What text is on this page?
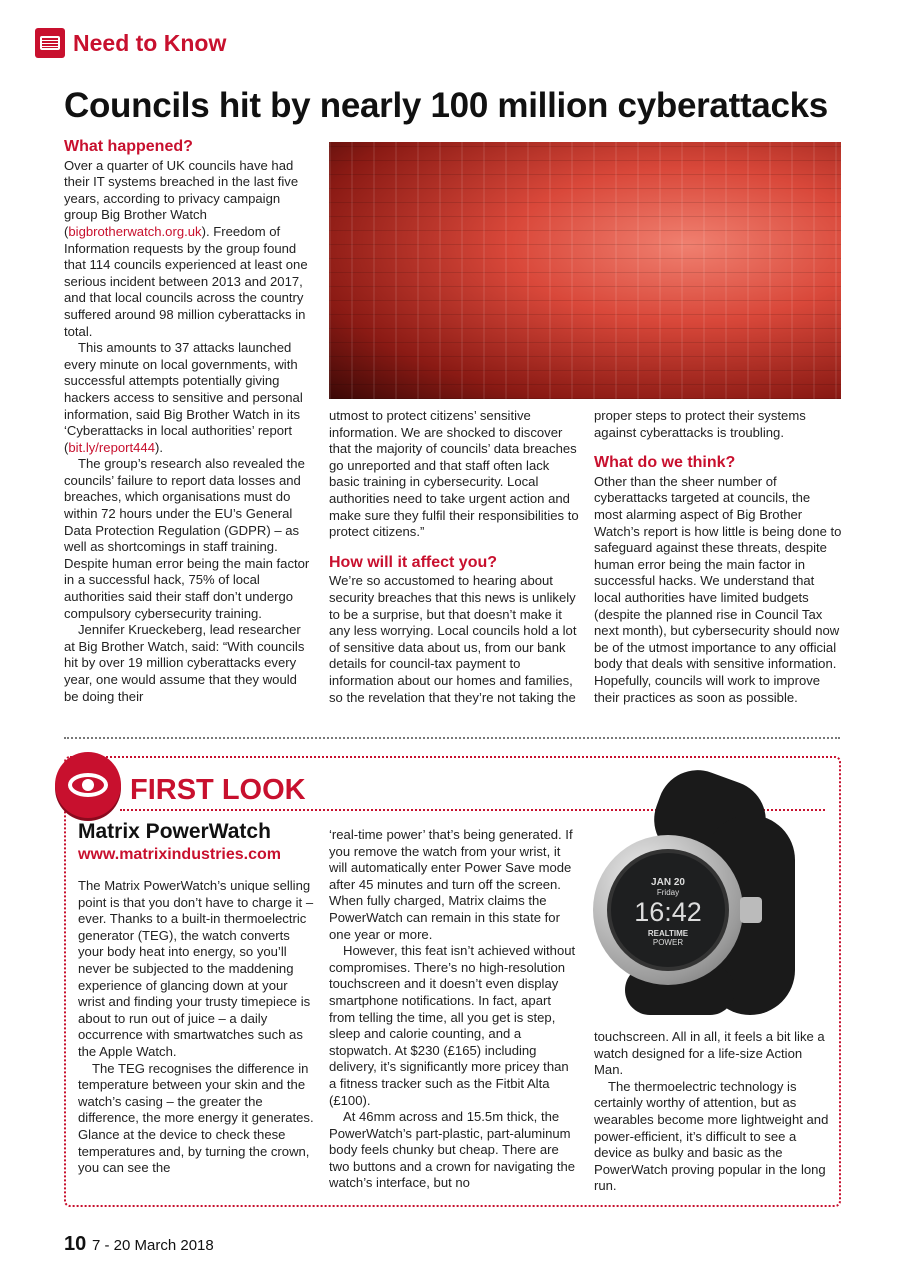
Need to Know
Councils hit by nearly 100 million cyberattacks
What happened?

Over a quarter of UK councils have had their IT systems breached in the last five years, according to privacy campaign group Big Brother Watch (bigbrotherwatch.org.uk). Freedom of Information requests by the group found that 114 councils experienced at least one serious incident between 2013 and 2017, and that local councils across the country suffered around 98 million cyberattacks in total.

This amounts to 37 attacks launched every minute on local governments, with successful attempts potentially giving hackers access to sensitive and personal information, said Big Brother Watch in its ‘Cyberattacks in local authorities’ report (bit.ly/report444).

The group’s research also revealed the councils’ failure to report data losses and breaches, which organisations must do within 72 hours under the EU’s General Data Protection Regulation (GDPR) – as well as shortcomings in staff training. Despite human error being the main factor in a successful hack, 75% of local authorities said their staff don’t undergo compulsory cybersecurity training.

Jennifer Krueckeberg, lead researcher at Big Brother Watch, said: “With councils hit by over 19 million cyberattacks every year, one would assume that they would be doing their

utmost to protect citizens’ sensitive information. We are shocked to discover that the majority of councils’ data breaches go unreported and that staff often lack basic training in cybersecurity. Local authorities need to take urgent action and make sure they fulfil their responsibilities to protect citizens.”

How will it affect you?

We’re so accustomed to hearing about security breaches that this news is unlikely to be a surprise, but that doesn’t make it any less worrying. Local councils hold a lot of sensitive data about us, from our bank details for council-tax payment to information about our homes and families, so the revelation that they’re not taking the

proper steps to protect their systems against cyberattacks is troubling.

What do we think?

Other than the sheer number of cyberattacks targeted at councils, the most alarming aspect of Big Brother Watch’s report is how little is being done to safeguard against these threats, despite human error being the main factor in successful hacks. We understand that local authorities have limited budgets (despite the planned rise in Council Tax next month), but cybersecurity should now be of the utmost importance to any official body that deals with sensitive information. Hopefully, councils will work to improve their practices as soon as possible.

FIRST LOOK
Matrix PowerWatch
www.matrixindustries.com

The Matrix PowerWatch’s unique selling point is that you don’t have to charge it – ever. Thanks to a built-in thermoelectric generator (TEG), the watch converts your body heat into energy, so you’ll never be subjected to the maddening experience of glancing down at your wrist and finding your trusty timepiece is about to run out of juice – a daily occurrence with smartwatches such as the Apple Watch.

The TEG recognises the difference in temperature between your skin and the watch’s casing – the greater the difference, the more energy it generates. Glance at the device to check these temperatures and, by turning the crown, you can see the

‘real-time power’ that’s being generated. If you remove the watch from your wrist, it will automatically enter Power Save mode after 45 minutes and turn off the screen. When fully charged, Matrix claims the PowerWatch can remain in this state for one year or more.

However, this feat isn’t achieved without compromises. There’s no high-resolution touchscreen and it doesn’t even display smartphone notifications. In fact, apart from telling the time, all you get is step, sleep and calorie counting, and a stopwatch. At $230 (£165) including delivery, it’s significantly more pricey than a fitness tracker such as the Fitbit Alta (£100).

At 46mm across and 15.5m thick, the PowerWatch’s part-plastic, part-aluminum body feels chunky but cheap. There are two buttons and a crown for navigating the watch’s interface, but no

touchscreen. All in all, it feels a bit like a watch designed for a life-size Action Man.

The thermoelectric technology is certainly worthy of attention, but as wearables become more lightweight and power-efficient, it’s difficult to see a device as bulky and basic as the PowerWatch proving popular in the long run.

JAN 20
Friday
16:42
REALTIME
POWER
10 7 - 20 March 2018
